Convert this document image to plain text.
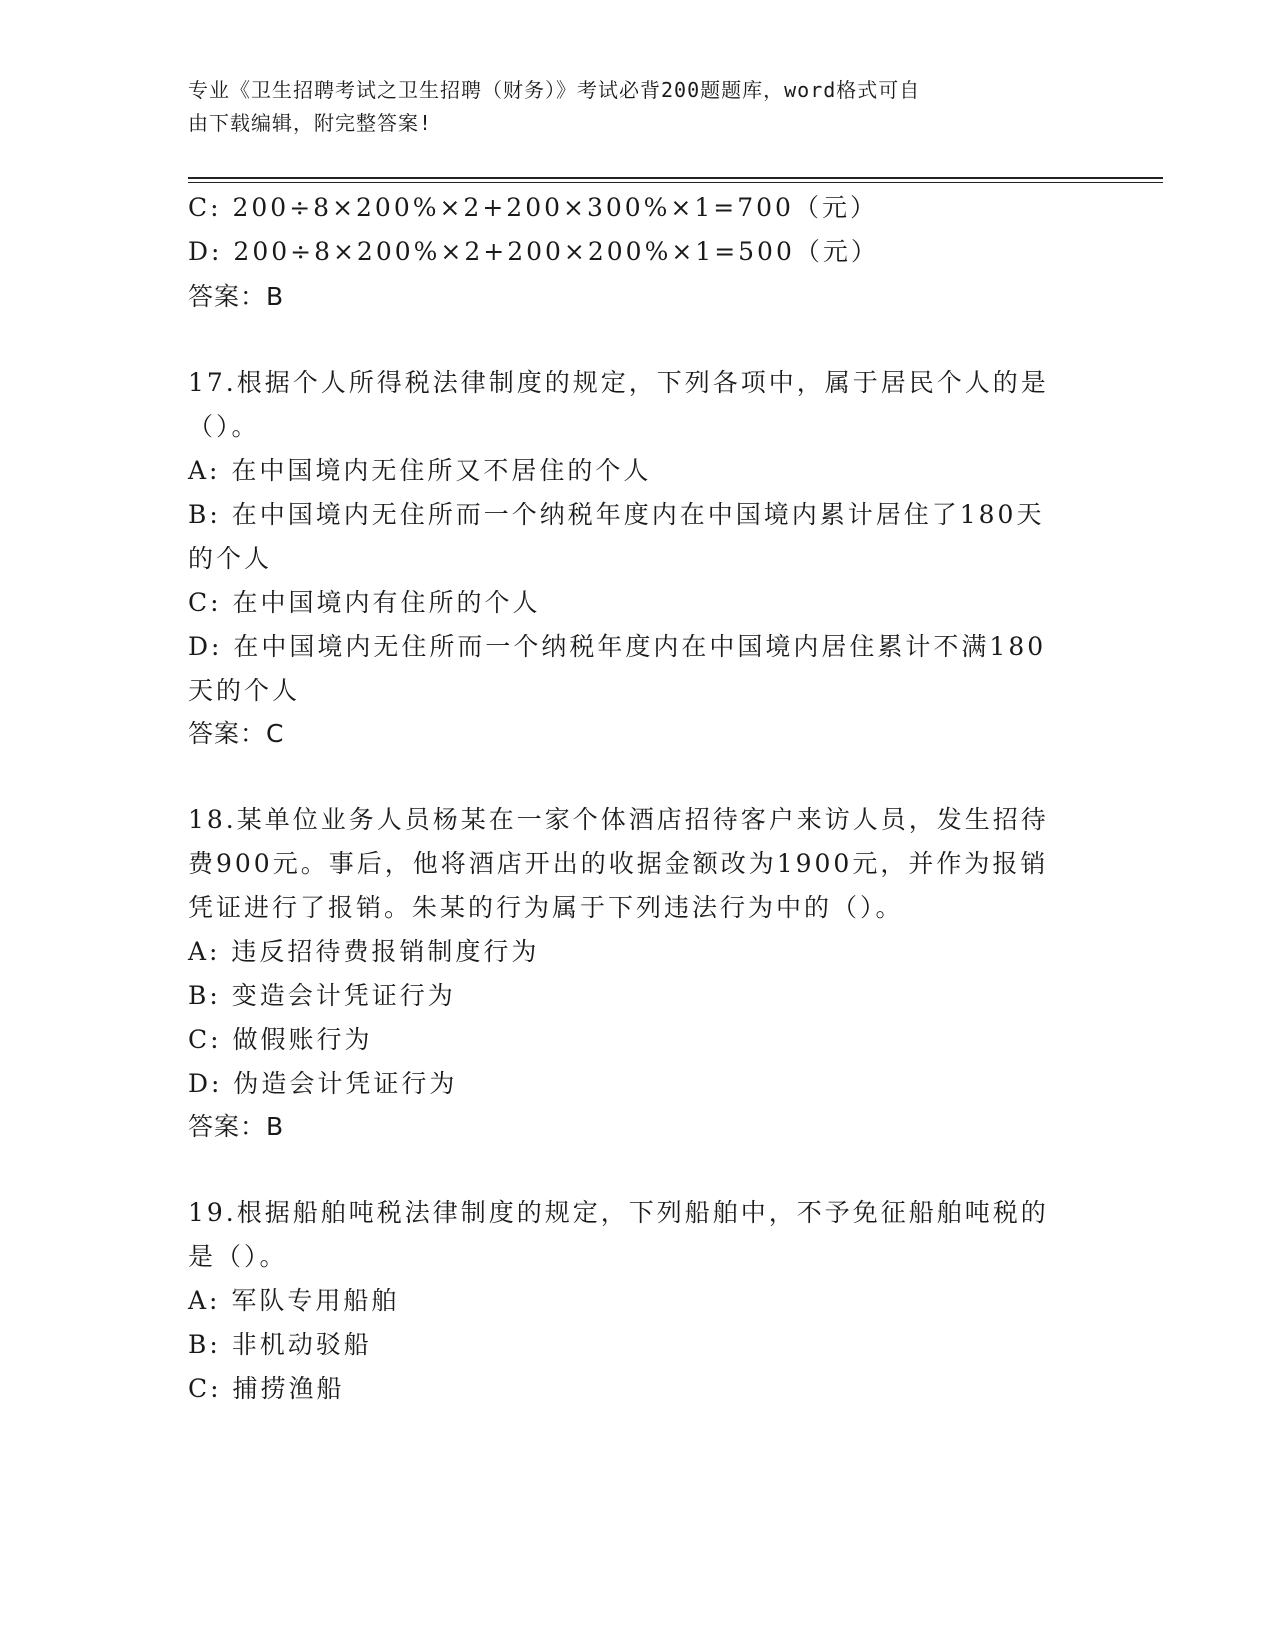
专业《卫生招聘考试之卫生招聘（财务）》考试必背200题题库，word格式可自
由下载编辑，附完整答案!
C: 200÷8×200%×2+200×300%×1=700（元）
D: 200÷8×200%×2+200×200%×1=500（元）
答案：B
17.根据个人所得税法律制度的规定，下列各项中，属于居民个人的是
（）。
A: 在中国境内无住所又不居住的个人
B: 在中国境内无住所而一个纳税年度内在中国境内累计居住了180天
的个人
C: 在中国境内有住所的个人
D: 在中国境内无住所而一个纳税年度内在中国境内居住累计不满180
天的个人
答案：C
18.某单位业务人员杨某在一家个体酒店招待客户来访人员，发生招待
费900元。事后，他将酒店开出的收据金额改为1900元，并作为报销
凭证进行了报销。朱某的行为属于下列违法行为中的（）。
A: 违反招待费报销制度行为
B: 变造会计凭证行为
C: 做假账行为
D: 伪造会计凭证行为
答案：B
19.根据船舶吨税法律制度的规定，下列船舶中，不予免征船舶吨税的
是（）。
A: 军队专用船舶
B: 非机动驳船
C: 捕捞渔船
